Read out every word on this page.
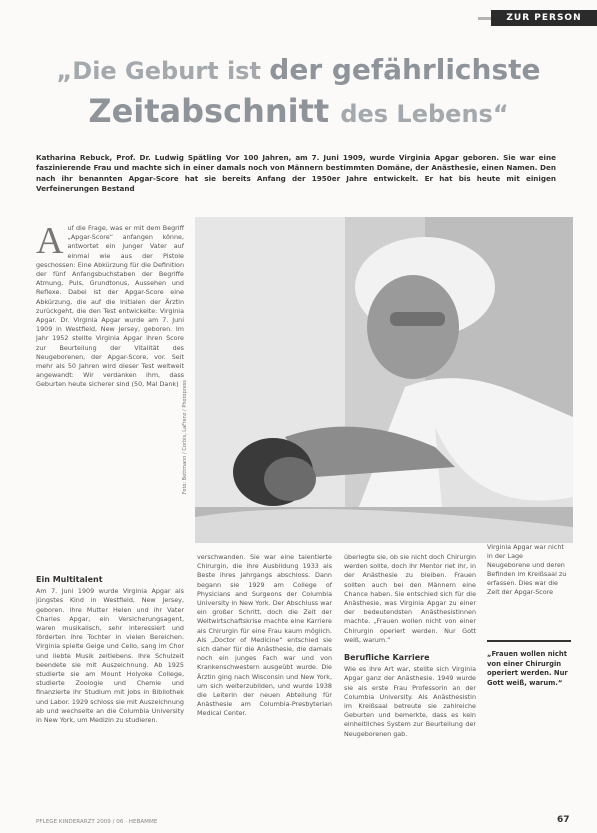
ZUR PERSON
„Die Geburt ist der gefährlichste
Zeitabschnitt des Lebens“
Katharina Rebuck, Prof. Dr. Ludwig Spätling Vor 100 Jahren, am 7. Juni 1909, wurde Virginia Apgar geboren. Sie war eine faszinierende Frau und machte sich in einer damals noch von Männern bestimmten Domäne, der Anästhesie, einen Namen. Den nach ihr benannten Apgar-Score hat sie bereits Anfang der 1950er Jahre entwickelt. Er hat bis heute mit einigen Verfeinerungen Bestand
Auf die Frage, was er mit dem Begriff „Apgar-Score“ anfangen könne, antwortet ein junger Vater auf einmal wie aus der Pistole geschossen: Eine Abkürzung für die Definition der fünf Anfangsbuchstaben der Begriffe Atmung, Puls, Grundtonus, Aussehen und Reflexe. Dabei ist der Apgar-Score eine Abkürzung, die auf die Initialen der Ärztin zurückgeht, die den Test entwickelte: Virginia Apgar. Dr. Virginia Apgar wurde am 7. Juni 1909 in Westfield, New Jersey, geboren. Im Jahr 1952 stellte Virginia Apgar ihren Score zur Beurteilung der Vitalität des Neugeborenen, der Apgar-Score, vor. Seit mehr als 50 Jahren wird dieser Test weltweit angewandt: Wir verdanken ihm, dass Geburten heute sicherer sind (50, Mal Dank) Foto: Bettmann / Corbis, LaFrenz / Photopress
Ein Multitalent
Am 7. Juni 1909 wurde Virginia Apgar als jüngstes Kind in Westfield, New Jersey, geboren. Ihre Mutter Helen und ihr Vater Charles Apgar, ein Versicherungsagent, waren musikalisch, sehr interessiert und förderten ihre Tochter in vielen Bereichen. Virginia spielte Geige und Cello, sang im Chor und liebte Musik zeitlebens. Ihre Schulzeit beendete sie mit Auszeichnung. Ab 1925 studierte sie am Mount Holyoke College, studierte Zoologie und Chemie und finanzierte ihr Studium mit Jobs in Bibliothek und Labor. 1929 schloss sie mit Auszeichnung ab und wechselte an die Columbia University in New York, um Medizin zu studieren.
verschwanden. Sie war eine talentierte Chirurgin, die ihre Ausbildung 1933 als Beste ihres Jahrgangs abschloss. Dann begann sie 1929 am College of Physicians and Surgeons der Columbia University in New York. Der Abschluss war ein großer Schritt, doch die Zeit der Weltwirtschaftskrise machte eine Karriere als Chirurgin für eine Frau kaum möglich. Als „Doctor of Medicine“ entschied sie sich daher für die Anästhesie, die damals noch ein junges Fach war und von Krankenschwestern ausgeübt wurde. Die Ärztin ging nach Wisconsin und New York, um sich weiterzubilden, und wurde 1938 die Leiterin der neuen Abteilung für Anästhesie am Columbia-Presbyterian Medical Center.
überlegte sie, ob sie nicht doch Chirurgin werden sollte, doch ihr Mentor riet ihr, in der Anästhesie zu bleiben. Frauen sollten auch bei den Männern eine Chance haben. Sie entschied sich für die Anästhesie, was Virginia Apgar zu einer der bedeutendsten Anästhesistinnen machte. „Frauen wollen nicht von einer Chirurgin operiert werden. Nur Gott weiß, warum.“
Berufliche Karriere
Wie es ihre Art war, stellte sich Virginia Apgar ganz der Anästhesie. 1949 wurde sie als erste Frau Professorin an der Columbia University. Als Anästhesistin im Kreißsaal betreute sie zahlreiche Geburten und bemerkte, dass es kein einheitliches System zur Beurteilung der Neugeborenen gab.
Virginia Apgar war nicht in der Lage Neugeborene und deren Befinden im Kreißsaal zu erfassen. Dies war die Zeit der Apgar-Score
„Frauen wollen nicht von einer Chirurgin operiert werden. Nur Gott weiß, warum.“
PFLEGE KINDERARZT 2009 / 06 · HEBAMME	67
